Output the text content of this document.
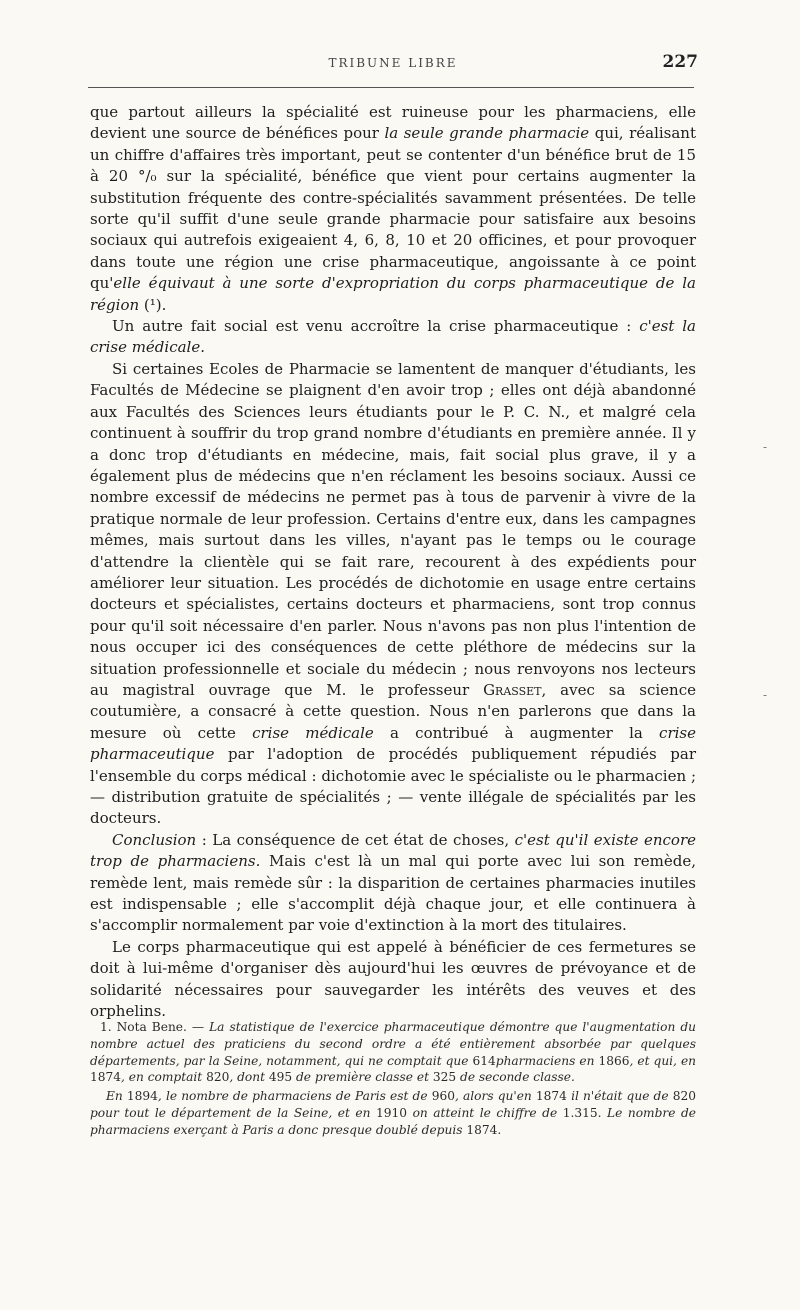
TRIBUNE LIBRE	227

que partout ailleurs la spécialité est ruineuse pour les pharmaciens, elle devient une source de bénéfices pour la seule grande pharmacie qui, réalisant un chiffre d'affaires très important, peut se contenter d'un bénéfice brut de 15 à 20 °/₀ sur la spécialité, bénéfice que vient pour certains augmenter la substitution fréquente des contre-spécialités savamment présentées. De telle sorte qu'il suffit d'une seule grande pharmacie pour satisfaire aux besoins sociaux qui autrefois exigeaient 4, 6, 8, 10 et 20 officines, et pour provoquer dans toute une région une crise pharmaceutique, angoissante à ce point qu'elle équivaut à une sorte d'expropriation du corps pharmaceutique de la région (¹).

Un autre fait social est venu accroître la crise pharmaceutique : c'est la crise médicale.

Si certaines Ecoles de Pharmacie se lamentent de manquer d'étudiants, les Facultés de Médecine se plaignent d'en avoir trop ; elles ont déjà abandonné aux Facultés des Sciences leurs étudiants pour le P. C. N., et malgré cela continuent à souffrir du trop grand nombre d'étudiants en première année. Il y a donc trop d'étudiants en médecine, mais, fait social plus grave, il y a également plus de médecins que n'en réclament les besoins sociaux. Aussi ce nombre excessif de médecins ne permet pas à tous de parvenir à vivre de la pratique normale de leur profession. Certains d'entre eux, dans les campagnes mêmes, mais surtout dans les villes, n'ayant pas le temps ou le courage d'attendre la clientèle qui se fait rare, recourent à des expédients pour améliorer leur situation. Les procédés de dichotomie en usage entre certains docteurs et spécialistes, certains docteurs et pharmaciens, sont trop connus pour qu'il soit nécessaire d'en parler. Nous n'avons pas non plus l'intention de nous occuper ici des conséquences de cette pléthore de médecins sur la situation professionnelle et sociale du médecin ; nous renvoyons nos lecteurs au magistral ouvrage que M. le professeur Grasset, avec sa science coutumière, a consacré à cette question. Nous n'en parlerons que dans la mesure où cette crise médicale a contribué à augmenter la crise pharmaceutique par l'adoption de procédés publiquement répudiés par l'ensemble du corps médical : dichotomie avec le spécialiste ou le pharmacien ; — distribution gratuite de spécialités ; — vente illégale de spécialités par les docteurs.

Conclusion : La conséquence de cet état de choses, c'est qu'il existe encore trop de pharmaciens. Mais c'est là un mal qui porte avec lui son remède, remède lent, mais remède sûr : la disparition de certaines pharmacies inutiles est indispensable ; elle s'accomplit déjà chaque jour, et elle continuera à s'accomplir normalement par voie d'extinction à la mort des titulaires.

Le corps pharmaceutique qui est appelé à bénéficier de ces fermetures se doit à lui-même d'organiser dès aujourd'hui les œuvres de prévoyance et de solidarité nécessaires pour sauvegarder les intérêts des veuves et des orphelins.

1. Nota Bene. — La statistique de l'exercice pharmaceutique démontre que l'augmentation du nombre actuel des praticiens du second ordre a été entièrement absorbée par quelques départements, par la Seine, notamment, qui ne comptait que 614pharmaciens en 1866, et qui, en 1874, en comptait 820, dont 495 de première classe et 325 de seconde classe.

En 1894, le nombre de pharmaciens de Paris est de 960, alors qu'en 1874 il n'était que de 820 pour tout le département de la Seine, et en 1910 on atteint le chiffre de 1.315. Le nombre de pharmaciens exerçant à Paris a donc presque doublé depuis 1874.

-
-
